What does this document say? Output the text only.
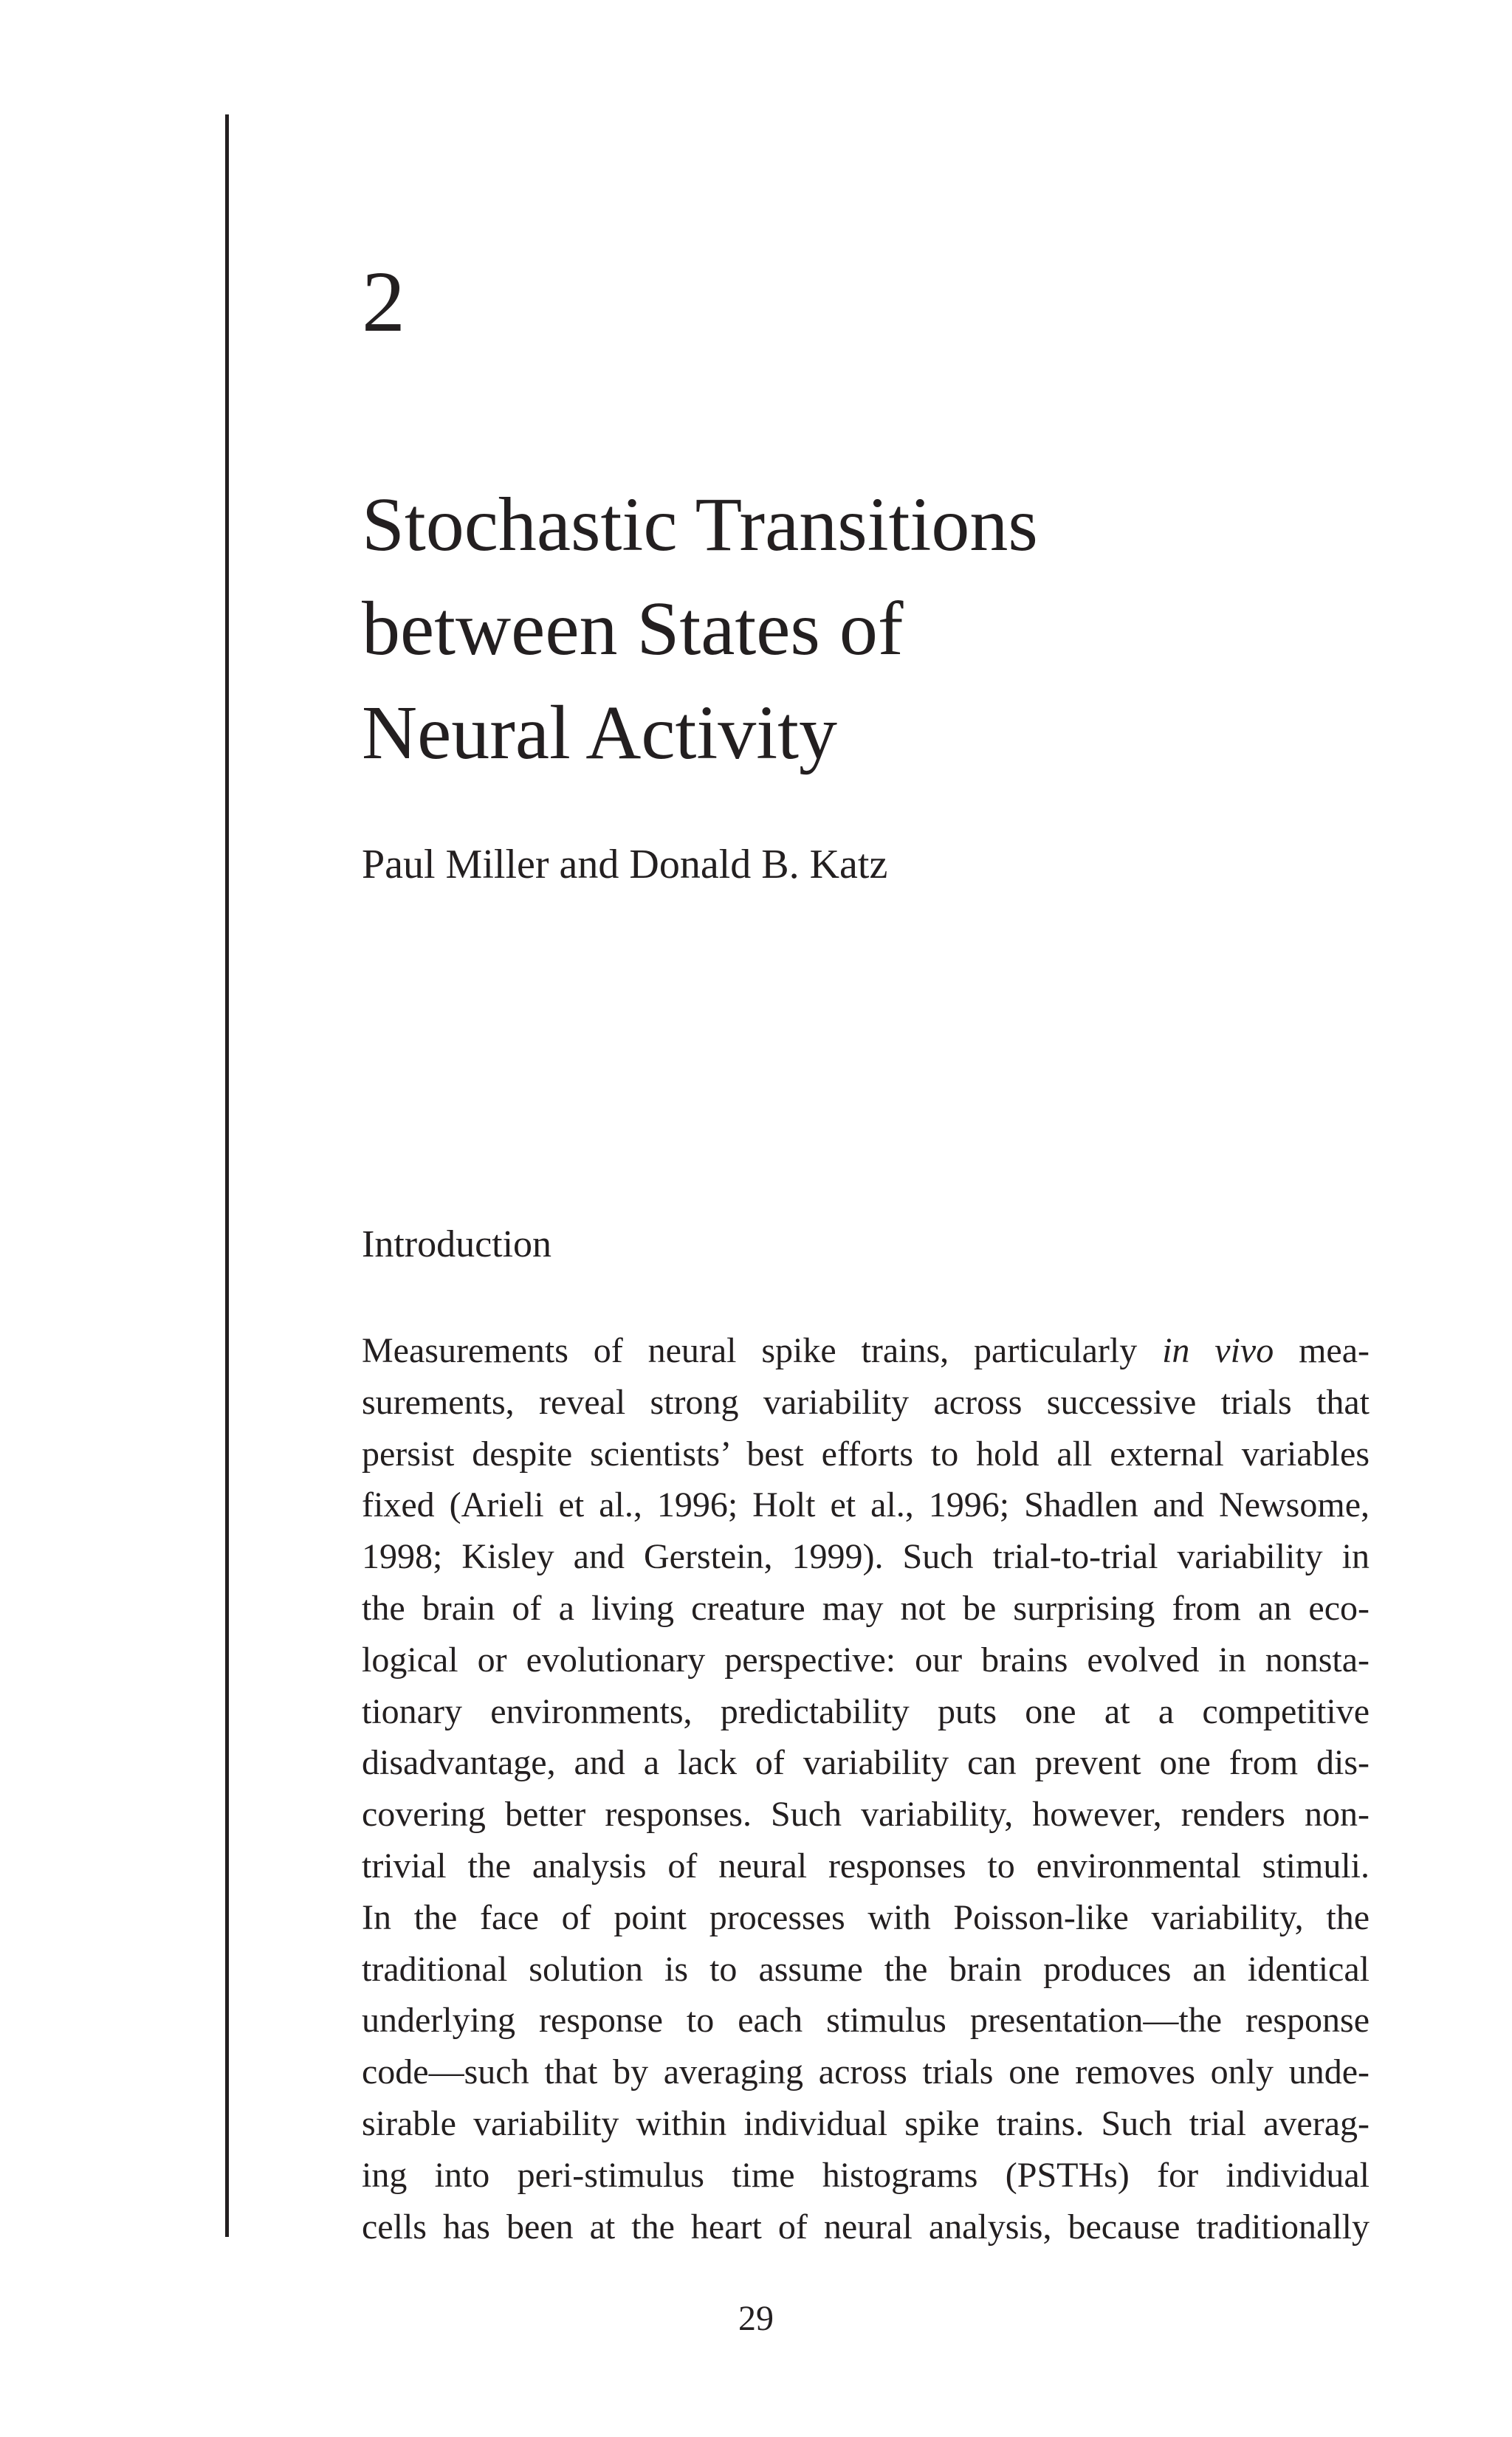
2
Stochastic Transitions
between States of
Neural Activity

Paul Miller and Donald B. Katz

Introduction
Measurements of neural spike trains, particularly in vivo mea-
surements, reveal strong variability across successive trials that
persist despite scientists’ best efforts to hold all external variables
fixed (Arieli et al., 1996; Holt et al., 1996; Shadlen and Newsome,
1998; Kisley and Gerstein, 1999). Such trial-to-trial variability in
the brain of a living creature may not be surprising from an eco-
logical or evolutionary perspective: our brains evolved in nonsta-
tionary environments, predictability puts one at a competitive
disadvantage, and a lack of variability can prevent one from dis-
covering better responses. Such variability, however, renders non-
trivial the analysis of neural responses to environmental stimuli.
In the face of point processes with Poisson-like variability, the
traditional solution is to assume the brain produces an identical
underlying response to each stimulus presentation—the response
code—such that by averaging across trials one removes only unde-
sirable variability within individual spike trains. Such trial averag-
ing into peri-stimulus time histograms (PSTHs) for individual
cells has been at the heart of neural analysis, because traditionally
29
